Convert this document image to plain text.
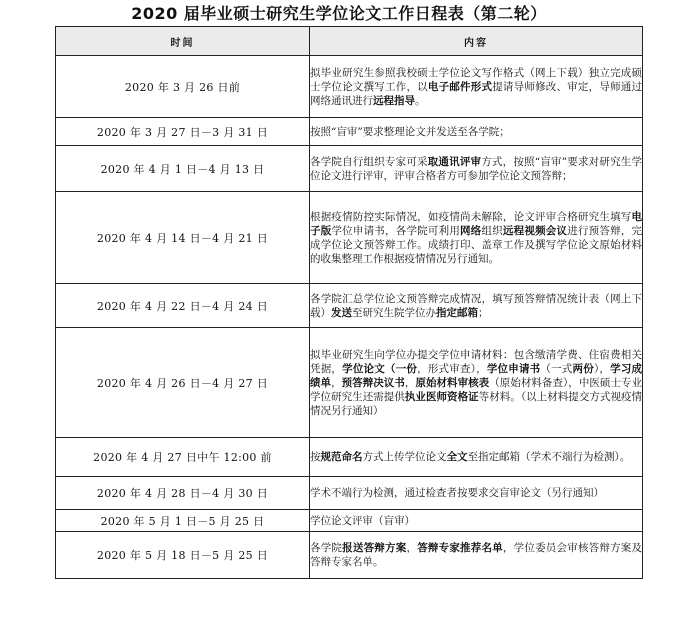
2020 届毕业硕士研究生学位论文工作日程表（第二轮）
时间	内容
2020 年 3 月 26 日前	拟毕业研究生参照我校硕士学位论文写作格式（网上下载）独立完成硕士学位论文撰写工作，以电子邮件形式提请导师修改、审定，导师通过网络通讯进行远程指导。
2020 年 3 月 27 日－3 月 31 日	按照“盲审”要求整理论文并发送至各学院；
2020 年 4 月 1 日－4 月 13 日	各学院自行组织专家可采取通讯评审方式，按照“盲审”要求对研究生学位论文进行评审，评审合格者方可参加学位论文预答辩；
2020 年 4 月 14 日－4 月 21 日	根据疫情防控实际情况，如疫情尚未解除，论文评审合格研究生填写电子版学位申请书，各学院可利用网络组织远程视频会议进行预答辩，完成学位论文预答辩工作。成绩打印、盖章工作及撰写学位论文原始材料的收集整理工作根据疫情情况另行通知。
2020 年 4 月 22 日－4 月 24 日	各学院汇总学位论文预答辩完成情况，填写预答辩情况统计表（网上下载）发送至研究生院学位办指定邮箱；
2020 年 4 月 26 日－4 月 27 日	拟毕业研究生向学位办提交学位申请材料：包含缴清学费、住宿费相关凭据，学位论文（一份，形式审查），学位申请书（一式两份），学习成绩单，预答辩决议书，原始材料审核表（原始材料备查），中医硕士专业学位研究生还需提供执业医师资格证等材料。（以上材料提交方式视疫情情况另行通知）
2020 年 4 月 27 日中午 12:00 前	按规范命名方式上传学位论文全文至指定邮箱（学术不端行为检测）。
2020 年 4 月 28 日－4 月 30 日	学术不端行为检测，通过检查者按要求交盲审论文（另行通知）
2020 年 5 月 1 日－5 月 25 日	学位论文评审（盲审）
2020 年 5 月 18 日－5 月 25 日	各学院报送答辩方案，答辩专家推荐名单，学位委员会审核答辩方案及答辩专家名单。
